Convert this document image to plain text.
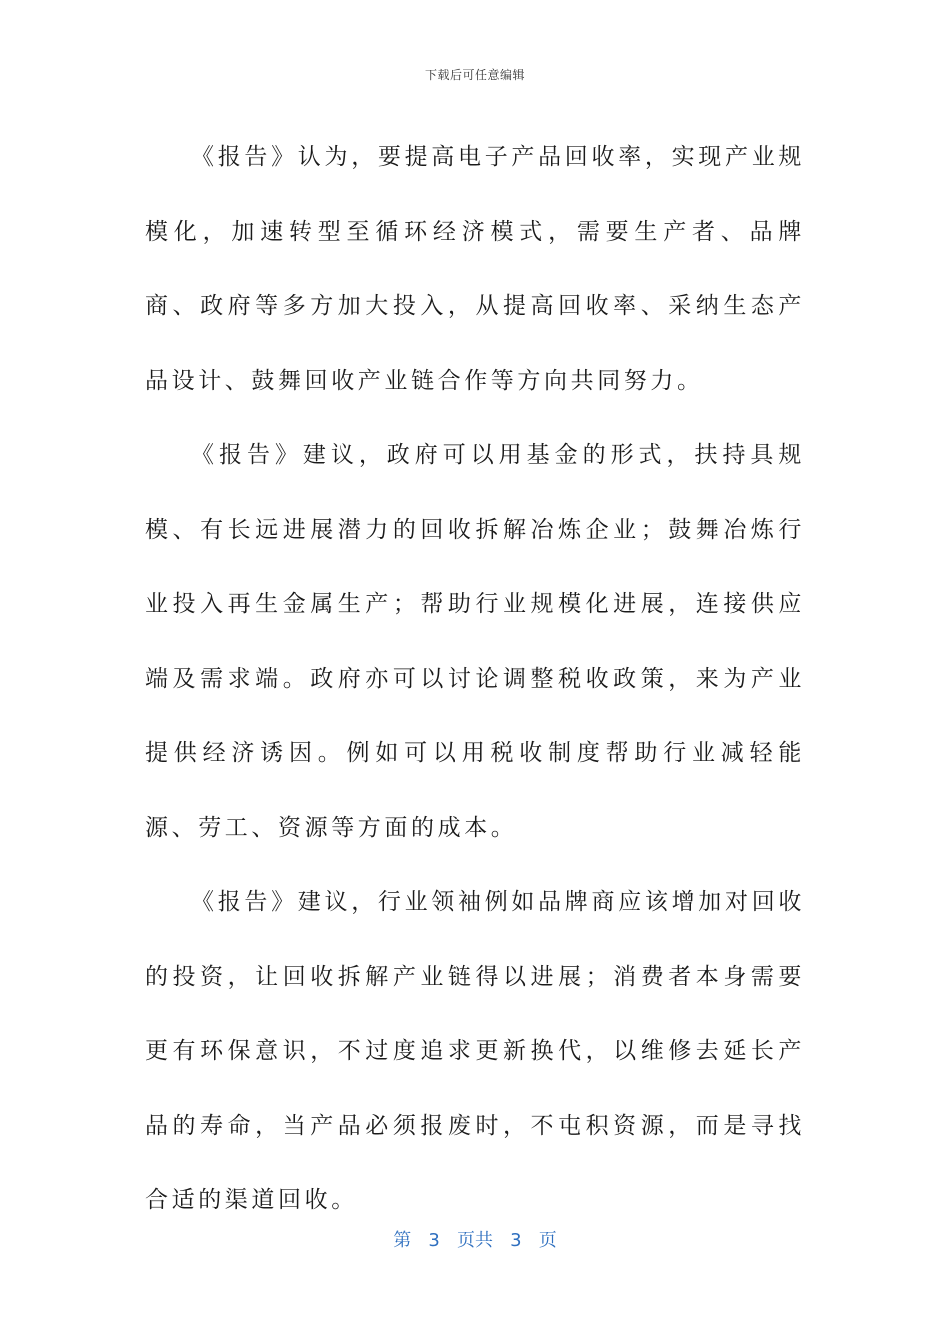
下载后可任意编辑

《报告》认为，要提高电子产品回收率，实现产业规模化，加速转型至循环经济模式，需要生产者、品牌商、政府等多方加大投入，从提高回收率、采纳生态产品设计、鼓舞回收产业链合作等方向共同努力。

《报告》建议，政府可以用基金的形式，扶持具规模、有长远进展潜力的回收拆解冶炼企业；鼓舞冶炼行业投入再生金属生产；帮助行业规模化进展，连接供应端及需求端。政府亦可以讨论调整税收政策，来为产业提供经济诱因。例如可以用税收制度帮助行业减轻能源、劳工、资源等方面的成本。

《报告》建议，行业领袖例如品牌商应该增加对回收的投资，让回收拆解产业链得以进展；消费者本身需要更有环保意识，不过度追求更新换代，以维修去延长产品的寿命，当产品必须报废时，不屯积资源，而是寻找合适的渠道回收。

第 3 页共 3 页
